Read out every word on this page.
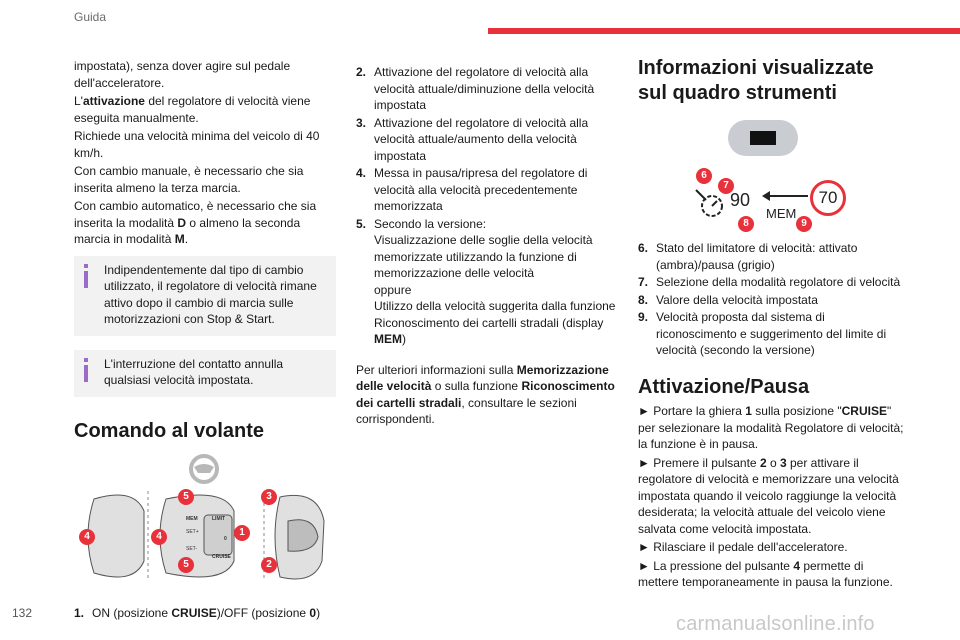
Guida

impostata), senza dover agire sul pedale dell'acceleratore.

L'attivazione del regolatore di velocità viene eseguita manualmente.

Richiede una velocità minima del veicolo di 40 km/h.

Con cambio manuale, è necessario che sia inserita almeno la terza marcia.

Con cambio automatico, è necessario che sia inserita la modalità D o almeno la seconda marcia in modalità M.

Indipendentemente dal tipo di cambio utilizzato, il regolatore di velocità rimane attivo dopo il cambio di marcia sulle motorizzazioni con Stop & Start.

L'interruzione del contatto annulla qualsiasi velocità impostata.

Comando al volante
MEM
SET+
SET-
LIMIT
CRUISE
0
5	3
4	4	1
5	2
1. ON (posizione CRUISE)/OFF (posizione 0)
2. Attivazione del regolatore di velocità alla velocità attuale/diminuzione della velocità impostata
3. Attivazione del regolatore di velocità alla velocità attuale/aumento della velocità impostata
4. Messa in pausa/ripresa del regolatore di velocità alla velocità precedentemente memorizzata
5. Secondo la versione:

Visualizzazione delle soglie della velocità memorizzate utilizzando la funzione di memorizzazione delle velocità

oppure

Utilizzo della velocità suggerita dalla funzione Riconoscimento dei cartelli stradali (display MEM)

Per ulteriori informazioni sulla Memorizzazione delle velocità o sulla funzione Riconoscimento dei cartelli stradali, consultare le sezioni corrispondenti.

Informazioni visualizzate sul quadro strumenti
6
7
90
MEM
70
8	9
6. Stato del limitatore di velocità: attivato (ambra)/pausa (grigio)
7. Selezione della modalità regolatore di velocità
8. Valore della velocità impostata
9. Velocità proposta dal sistema di riconoscimento e suggerimento del limite di velocità (secondo la versione)
Attivazione/Pausa

► Portare la ghiera 1 sulla posizione "CRUISE" per selezionare la modalità Regolatore di velocità; la funzione è in pausa.

► Premere il pulsante 2 o 3 per attivare il regolatore di velocità e memorizzare una velocità impostata quando il veicolo raggiunge la velocità desiderata; la velocità attuale del veicolo viene salvata come velocità impostata.

► Rilasciare il pedale dell'acceleratore.

► La pressione del pulsante 4 permette di mettere temporaneamente in pausa la funzione.

132	carmanualsonline.info
